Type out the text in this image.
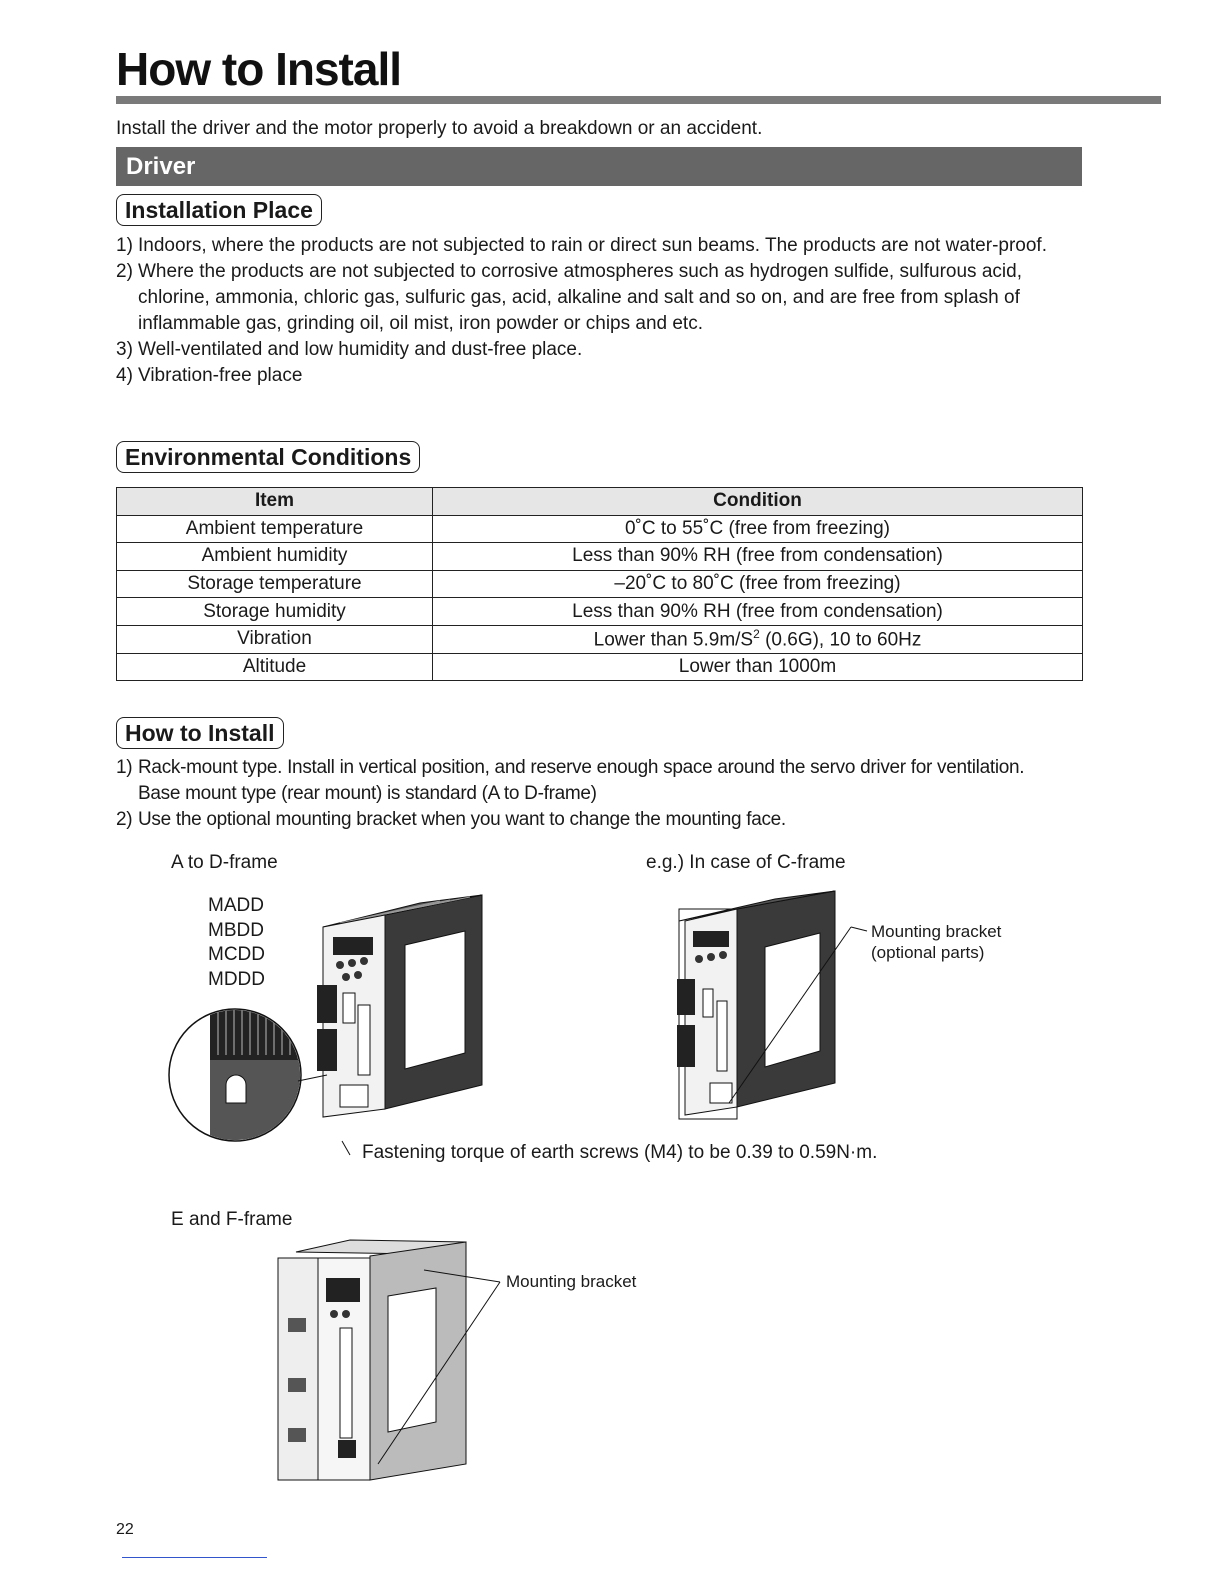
How to Install
Install the driver and the motor properly to avoid a breakdown or an accident.
Driver
Installation Place
1) Indoors, where the products are not subjected to rain or direct sun beams. The products are not water-proof.
2) Where the products are not subjected to corrosive atmospheres such as hydrogen sulfide, sulfurous acid, chlorine, ammonia, chloric gas, sulfuric gas, acid, alkaline and salt and so on, and are free from splash of inflammable gas, grinding oil, oil mist, iron powder or chips and etc.
3) Well-ventilated and low humidity and dust-free place.
4) Vibration-free place
Environmental Conditions
Item	Condition
Ambient temperature	0˚C to 55˚C (free from freezing)
Ambient humidity	Less than 90% RH (free from condensation)
Storage temperature	–20˚C to 80˚C (free from freezing)
Storage humidity	Less than 90% RH (free from condensation)
Vibration	Lower than $5.9m/S^2$ (0.6G), 10 to 60Hz
Altitude	Lower than 1000m
How to Install
1) Rack-mount type. Install in vertical position, and reserve enough space around the servo driver for ventilation.
Base mount type (rear mount) is standard (A to D-frame)
2) Use the optional mounting bracket when you want to change the mounting face.
A to D-frame
MADD
MBDD
MCDD
MDDD
e.g.) In case of C-frame
Mounting bracket
(optional parts)
Fastening torque of earth screws (M4) to be 0.39 to 0.59N·m.
E and F-frame
Mounting bracket
22
